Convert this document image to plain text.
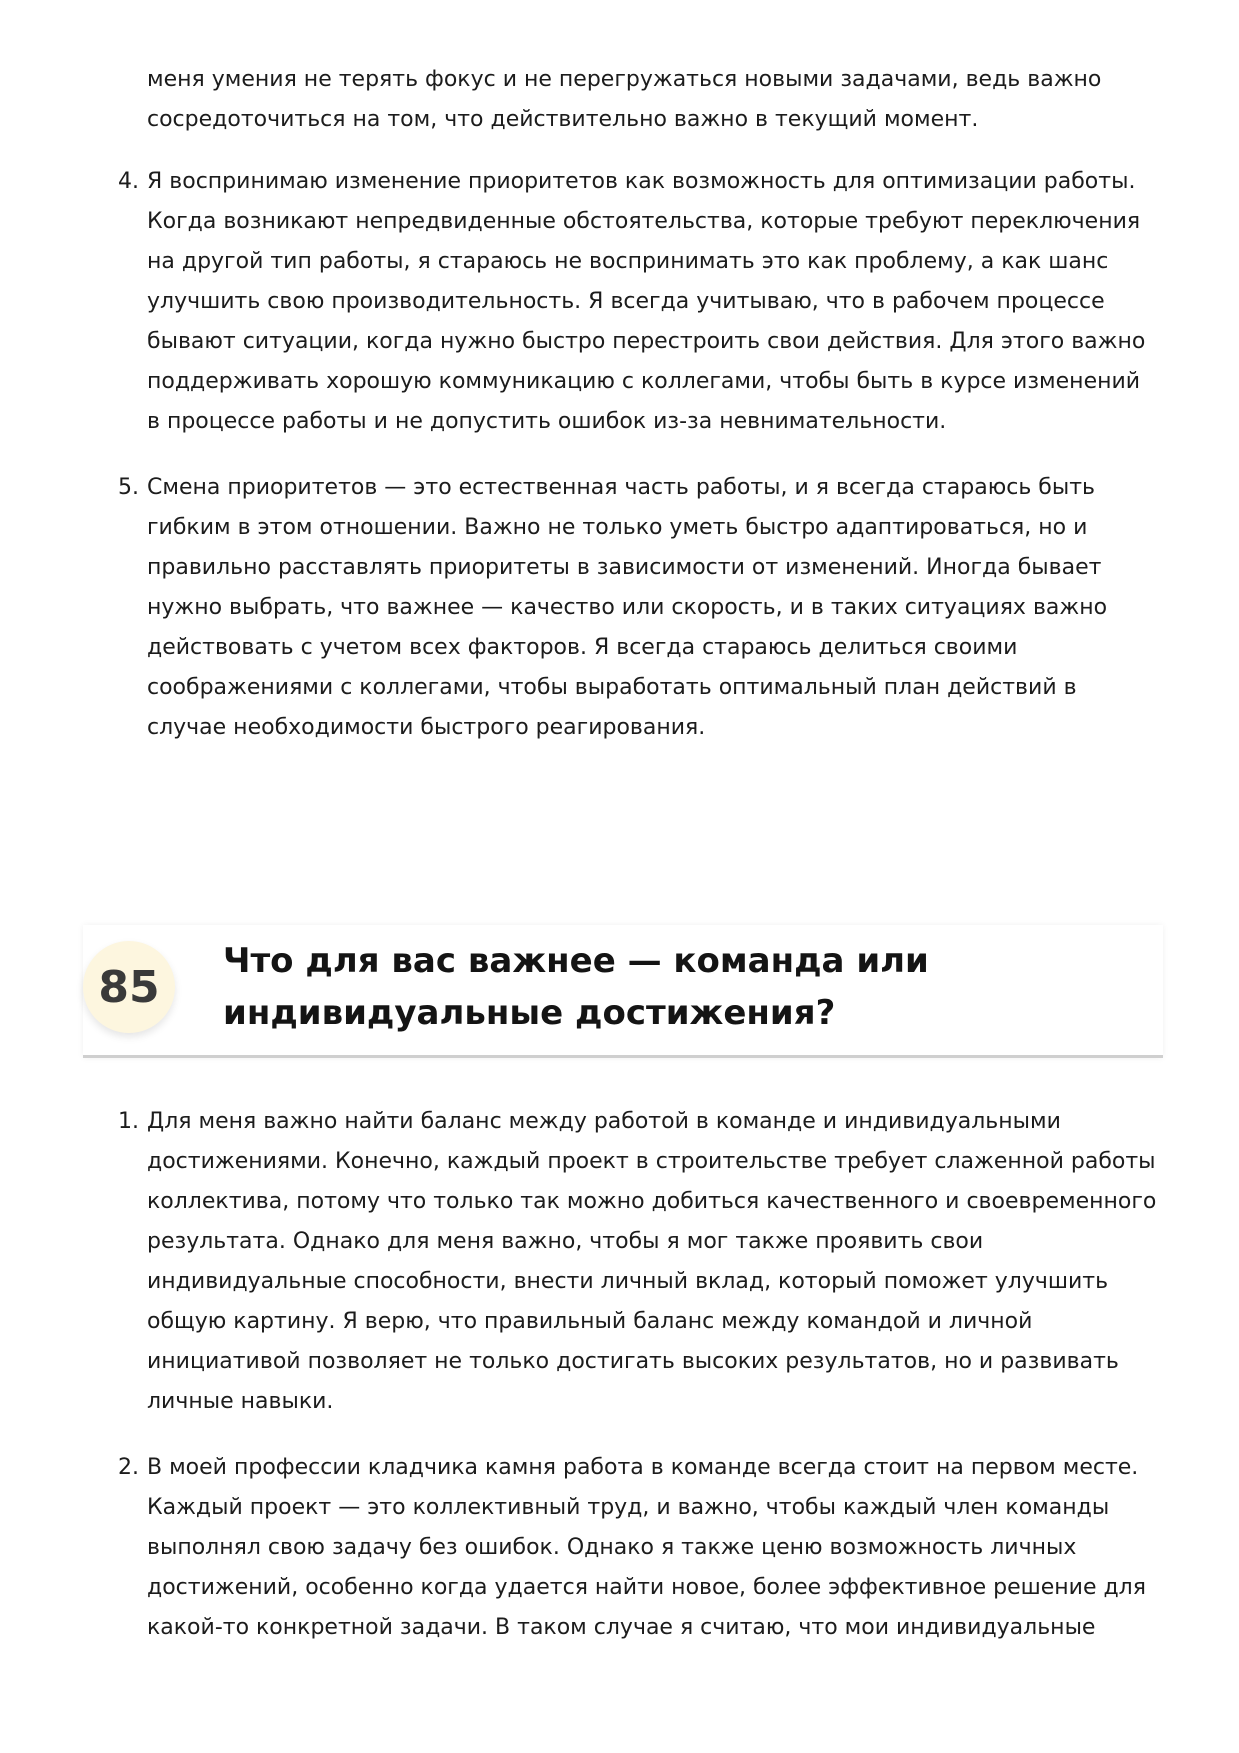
меня умения не терять фокус и не перегружаться новыми задачами, ведь важно сосредоточиться на том, что действительно важно в текущий момент.

4. Я воспринимаю изменение приоритетов как возможность для оптимизации работы. Когда возникают непредвиденные обстоятельства, которые требуют переключения на другой тип работы, я стараюсь не воспринимать это как проблему, а как шанс улучшить свою производительность. Я всегда учитываю, что в рабочем процессе бывают ситуации, когда нужно быстро перестроить свои действия. Для этого важно поддерживать хорошую коммуникацию с коллегами, чтобы быть в курсе изменений в процессе работы и не допустить ошибок из-за невнимательности.
5. Смена приоритетов — это естественная часть работы, и я всегда стараюсь быть гибким в этом отношении. Важно не только уметь быстро адаптироваться, но и правильно расставлять приоритеты в зависимости от изменений. Иногда бывает нужно выбрать, что важнее — качество или скорость, и в таких ситуациях важно действовать с учетом всех факторов. Я всегда стараюсь делиться своими соображениями с коллегами, чтобы выработать оптимальный план действий в случае необходимости быстрого реагирования.
85
Что для вас важнее — команда или
индивидуальные достижения?
1. Для меня важно найти баланс между работой в команде и индивидуальными достижениями. Конечно, каждый проект в строительстве требует слаженной работы коллектива, потому что только так можно добиться качественного и своевременного результата. Однако для меня важно, чтобы я мог также проявить свои индивидуальные способности, внести личный вклад, который поможет улучшить общую картину. Я верю, что правильный баланс между командой и личной инициативой позволяет не только достигать высоких результатов, но и развивать личные навыки.
2. В моей профессии кладчика камня работа в команде всегда стоит на первом месте. Каждый проект — это коллективный труд, и важно, чтобы каждый член команды выполнял свою задачу без ошибок. Однако я также ценю возможность личных достижений, особенно когда удается найти новое, более эффективное решение для какой-то конкретной задачи. В таком случае я считаю, что мои индивидуальные
